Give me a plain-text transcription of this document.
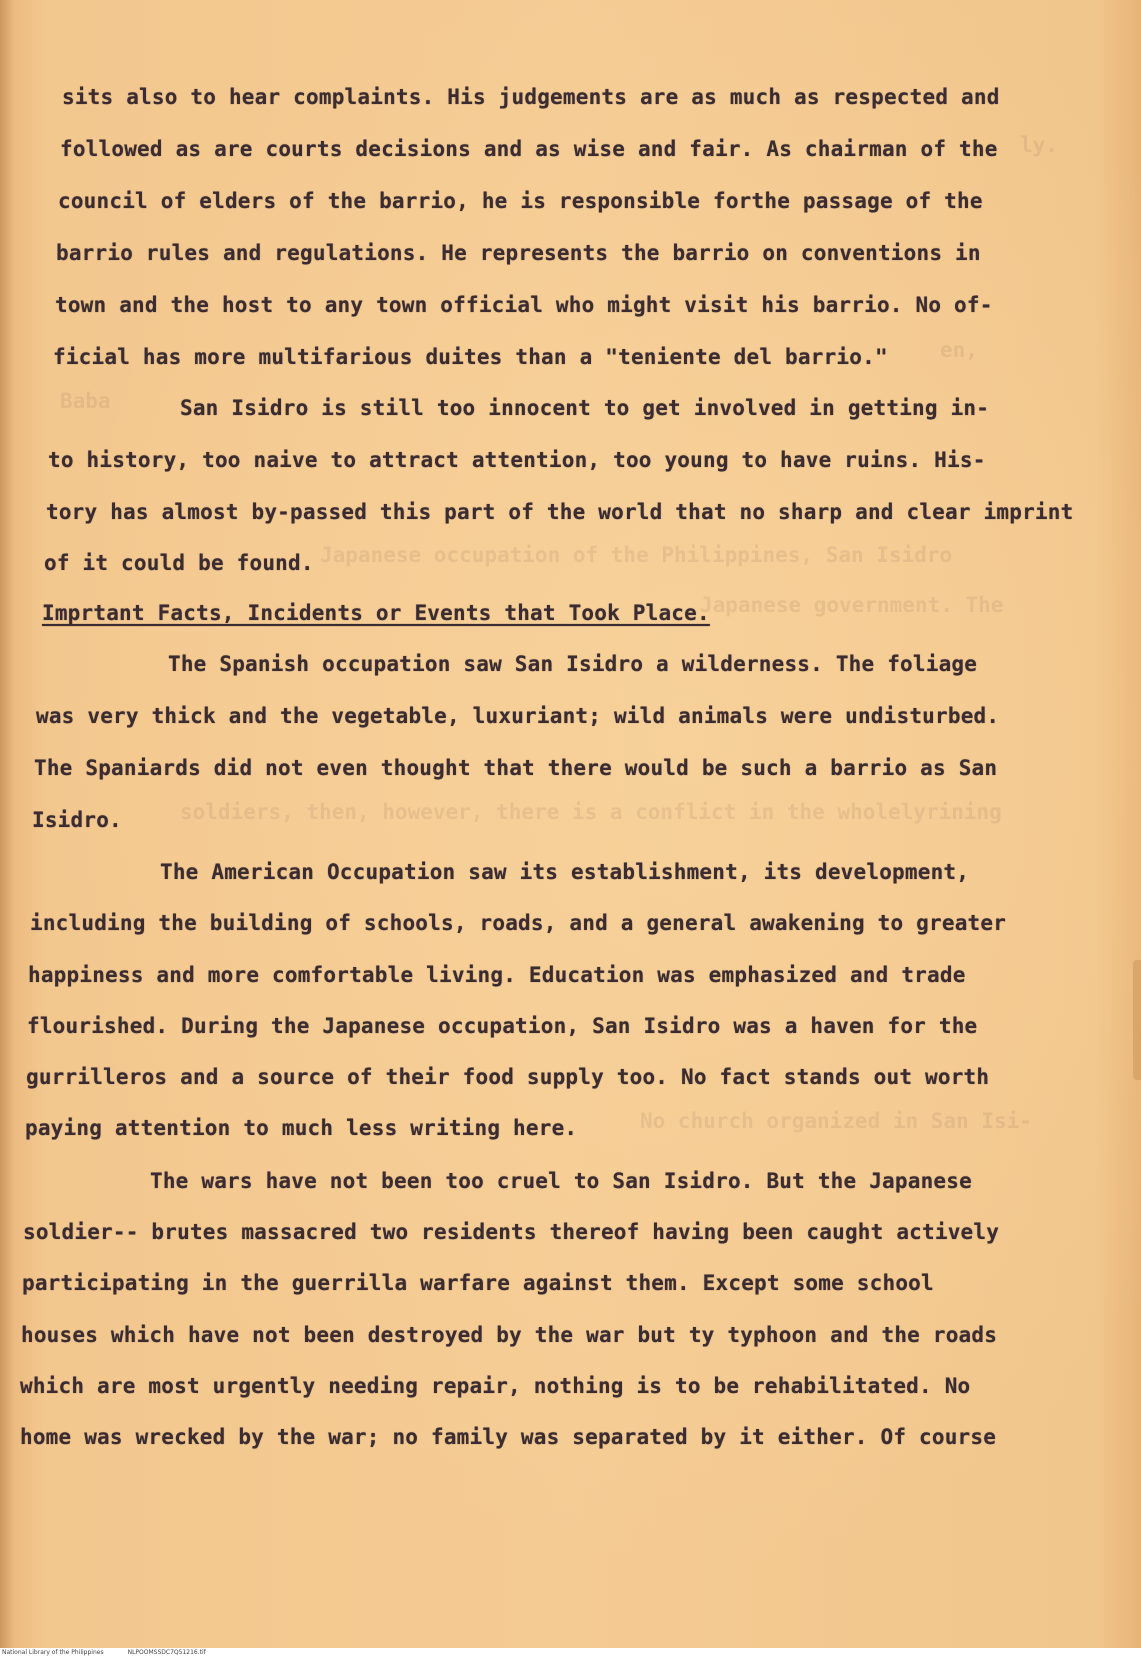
ly.
en,
Baba
Japanese occupation of the Philippines, San Isidro
Japanese government. The
soldiers, then, however, there is a conflict in the wholelyrining
No church organized in San Isi-

sits also to hear complaints. His judgements are as much as respected and

followed as are courts decisions and as wise and fair. As chairman of the

council of elders of the barrio, he is responsible forthe passage of the

barrio rules and regulations. He represents the barrio on conventions in

town and the host to any town official who might visit his barrio. No of-

ficial has more multifarious duites than a "teniente del barrio."

San Isidro is still too innocent to get involved in getting in-

to history, too naive to attract attention, too young to have ruins. His-

tory has almost by-passed this part of the world that no sharp and clear imprint

of it could be found.

Imprtant Facts, Incidents or Events that Took Place.

The Spanish occupation saw San Isidro a wilderness. The foliage

was very thick and the vegetable, luxuriant; wild animals were undisturbed.

The Spaniards did not even thought that there would be such a barrio as San

Isidro.

The American Occupation saw its establishment, its development,

including the building of schools, roads, and a general awakening to greater

happiness and more comfortable living. Education was emphasized and trade

flourished. During the Japanese occupation, San Isidro was a haven for the

gurrilleros and a source of their food supply too. No fact stands out worth

paying attention to much less writing here.

The wars have not been too cruel to San Isidro. But the Japanese

soldier-- brutes massacred two residents thereof having been caught actively

participating in the guerrilla warfare against them. Except some school

houses which have not been destroyed by the war but ty typhoon and the roads

which are most urgently needing repair, nothing is to be rehabilitated. No

home was wrecked by the war; no family was separated by it either. Of course

National Library of the Philippines	NLPOOMSSDC7Q51216.tif
